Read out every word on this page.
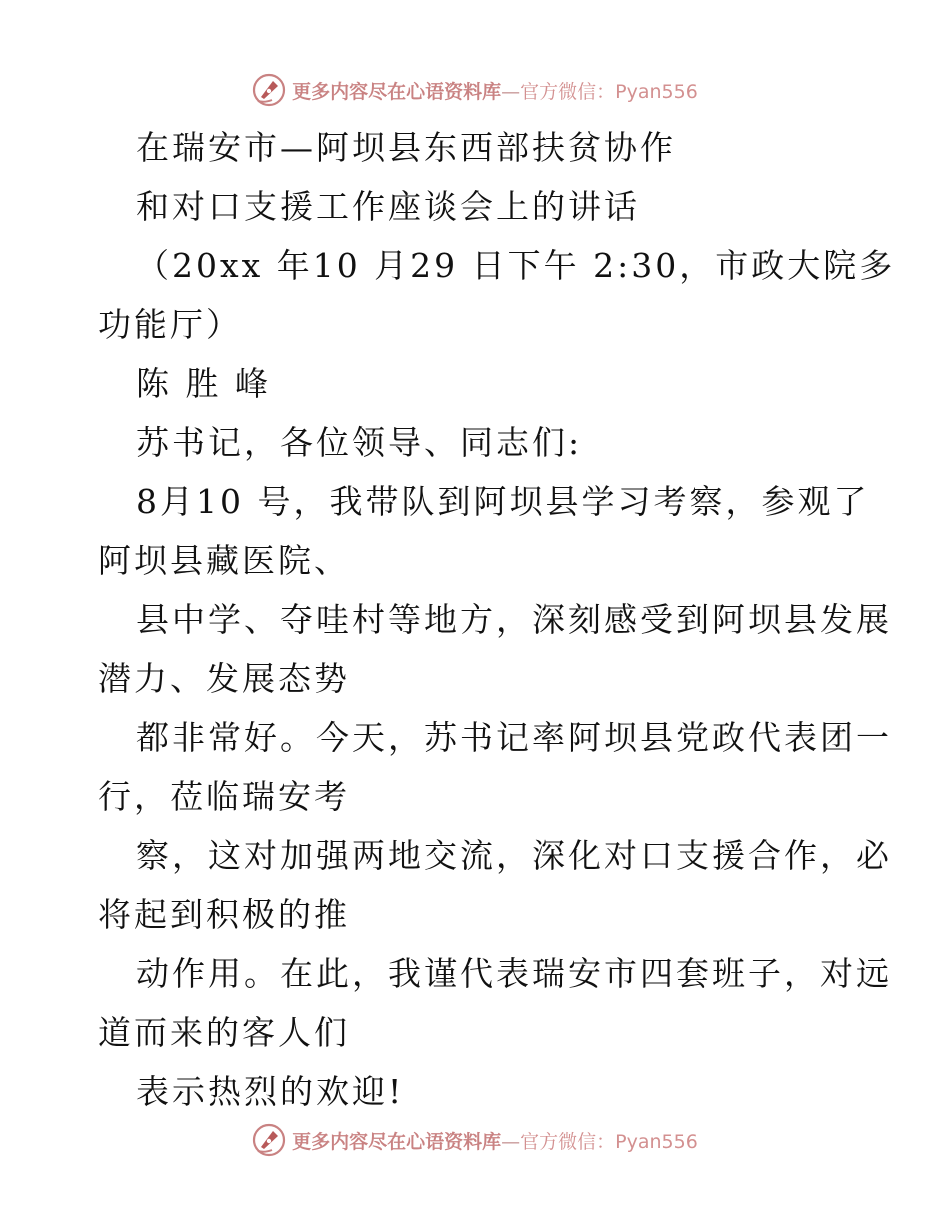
更多内容尽在心语资料库—官方微信：Pyan556
在瑞安市—阿坝县东西部扶贫协作
和对口支援工作座谈会上的讲话
（20xx 年10 月29 日下午 2:30，市政大院多
功能厅）
陈 胜 峰
苏书记，各位领导、同志们:
8月10 号，我带队到阿坝县学习考察，参观了
阿坝县藏医院、
县中学、夺哇村等地方，深刻感受到阿坝县发展
潜力、发展态势
都非常好。今天，苏书记率阿坝县党政代表团一
行，莅临瑞安考
察，这对加强两地交流，深化对口支援合作，必
将起到积极的推
动作用。在此，我谨代表瑞安市四套班子，对远
道而来的客人们
表示热烈的欢迎!
更多内容尽在心语资料库—官方微信：Pyan556
